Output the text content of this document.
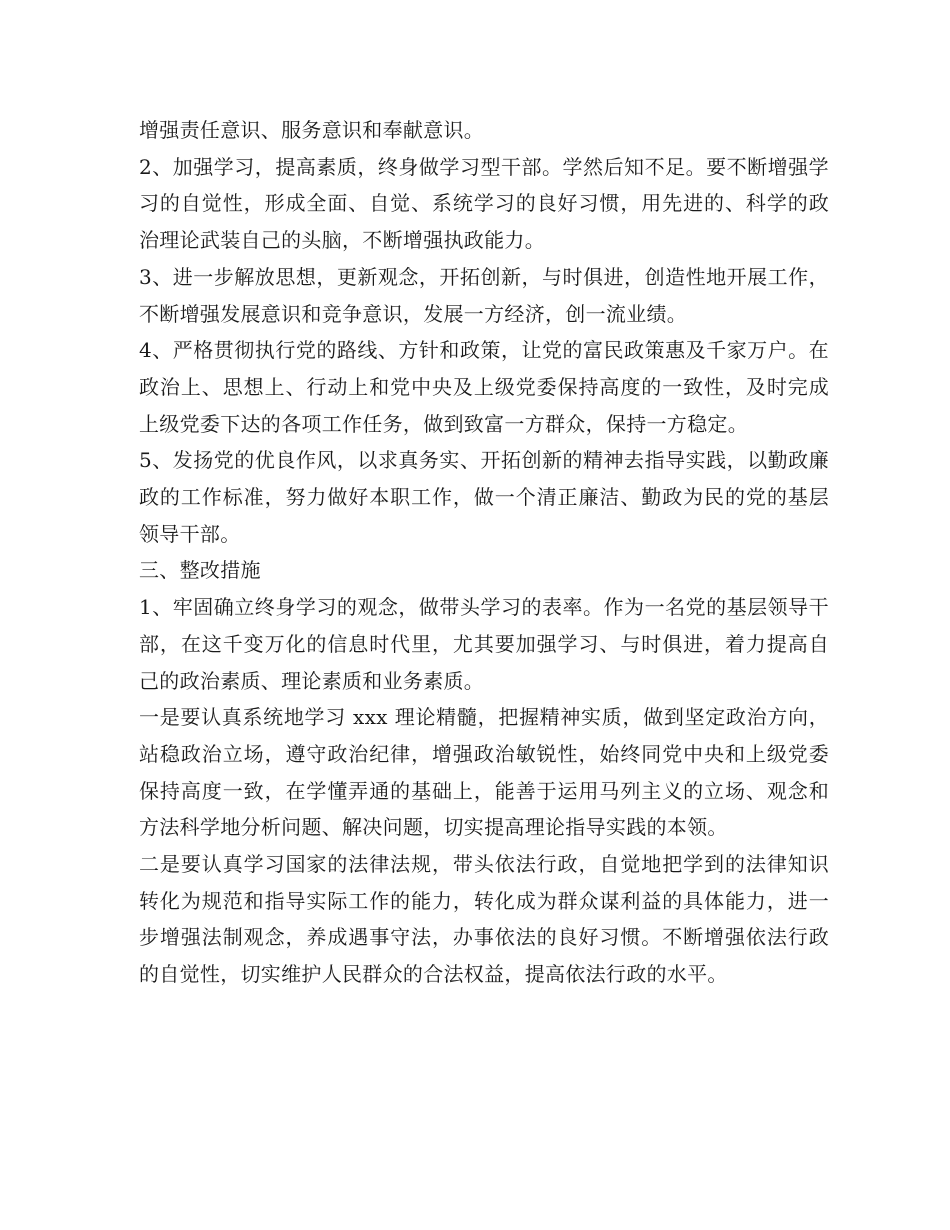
增强责任意识、服务意识和奉献意识。

2、加强学习，提高素质，终身做学习型干部。学然后知不足。要不断增强学习的自觉性，形成全面、自觉、系统学习的良好习惯，用先进的、科学的政治理论武装自己的头脑，不断增强执政能力。

3、进一步解放思想，更新观念，开拓创新，与时俱进，创造性地开展工作，不断增强发展意识和竞争意识，发展一方经济，创一流业绩。

4、严格贯彻执行党的路线、方针和政策，让党的富民政策惠及千家万户。在政治上、思想上、行动上和党中央及上级党委保持高度的一致性，及时完成上级党委下达的各项工作任务，做到致富一方群众，保持一方稳定。

5、发扬党的优良作风，以求真务实、开拓创新的精神去指导实践，以勤政廉政的工作标准，努力做好本职工作，做一个清正廉洁、勤政为民的党的基层领导干部。

三、整改措施

1、牢固确立终身学习的观念，做带头学习的表率。作为一名党的基层领导干部，在这千变万化的信息时代里，尤其要加强学习、与时俱进，着力提高自己的政治素质、理论素质和业务素质。

一是要认真系统地学习 xxx 理论精髓，把握精神实质，做到坚定政治方向，站稳政治立场，遵守政治纪律，增强政治敏锐性，始终同党中央和上级党委保持高度一致，在学懂弄通的基础上，能善于运用马列主义的立场、观念和方法科学地分析问题、解决问题，切实提高理论指导实践的本领。

二是要认真学习国家的法律法规，带头依法行政，自觉地把学到的法律知识转化为规范和指导实际工作的能力，转化成为群众谋利益的具体能力，进一步增强法制观念，养成遇事守法，办事依法的良好习惯。不断增强依法行政的自觉性，切实维护人民群众的合法权益，提高依法行政的水平。
